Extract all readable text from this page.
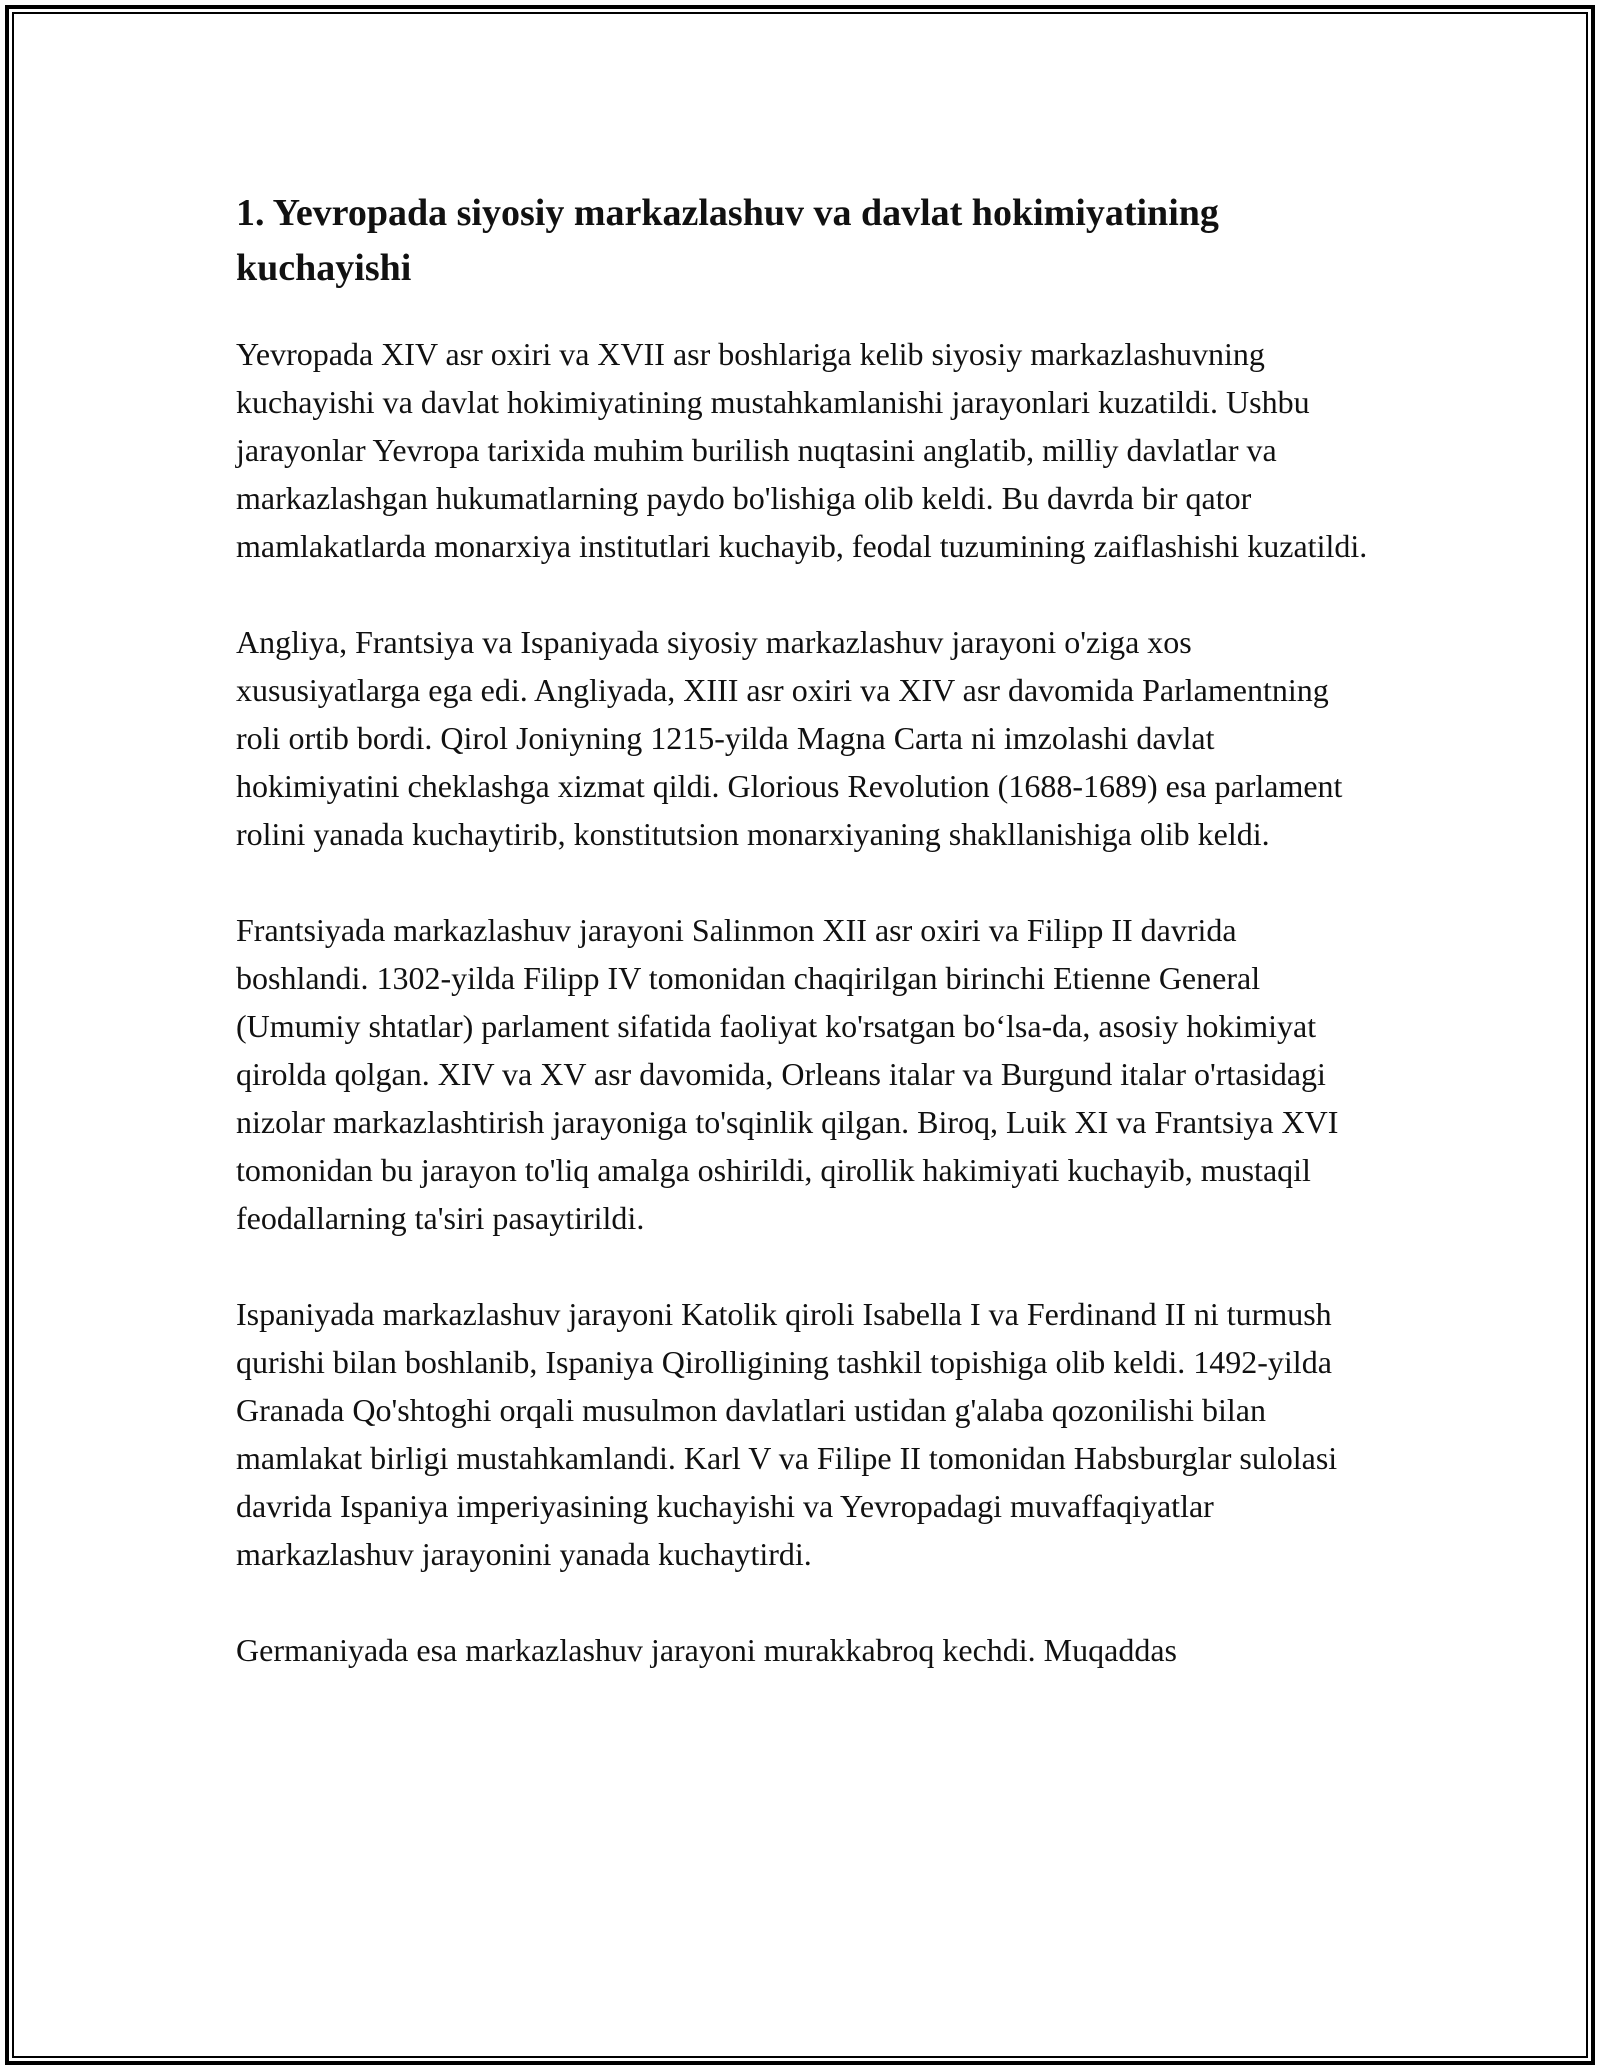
1. Yevropada siyosiy markazlashuv va davlat hokimiyatining kuchayishi

Yevropada XIV asr oxiri va XVII asr boshlariga kelib siyosiy markazlashuvning kuchayishi va davlat hokimiyatining mustahkamlanishi jarayonlari kuzatildi. Ushbu jarayonlar Yevropa tarixida muhim burilish nuqtasini anglatib, milliy davlatlar va markazlashgan hukumatlarning paydo bo'lishiga olib keldi. Bu davrda bir qator mamlakatlarda monarxiya institutlari kuchayib, feodal tuzumining zaiflashishi kuzatildi.

Angliya, Frantsiya va Ispaniyada siyosiy markazlashuv jarayoni o'ziga xos xususiyatlarga ega edi. Angliyada, XIII asr oxiri va XIV asr davomida Parlamentning roli ortib bordi. Qirol Joniyning 1215-yilda Magna Carta ni imzolashi davlat hokimiyatini cheklashga xizmat qildi. Glorious Revolution (1688-1689) esa parlament rolini yanada kuchaytirib, konstitutsion monarxiyaning shakllanishiga olib keldi.

Frantsiyada markazlashuv jarayoni Salinmon XII asr oxiri va Filipp II davrida boshlandi. 1302-yilda Filipp IV tomonidan chaqirilgan birinchi Etienne General (Umumiy shtatlar) parlament sifatida faoliyat ko'rsatgan bo‘lsa-da, asosiy hokimiyat qirolda qolgan. XIV va XV asr davomida, Orleans italar va Burgund italar o'rtasidagi nizolar markazlashtirish jarayoniga to'sqinlik qilgan. Biroq, Luik XI va Frantsiya XVI tomonidan bu jarayon to'liq amalga oshirildi, qirollik hakimiyati kuchayib, mustaqil feodallarning ta'siri pasaytirildi.

Ispaniyada markazlashuv jarayoni Katolik qiroli Isabella I va Ferdinand II ni turmush qurishi bilan boshlanib, Ispaniya Qirolligining tashkil topishiga olib keldi. 1492-yilda Granada Qo'shtoghi orqali musulmon davlatlari ustidan g'alaba qozonilishi bilan mamlakat birligi mustahkamlandi. Karl V va Filipe II tomonidan Habsburglar sulolasi davrida Ispaniya imperiyasining kuchayishi va Yevropadagi muvaffaqiyatlar markazlashuv jarayonini yanada kuchaytirdi.

Germaniyada esa markazlashuv jarayoni murakkabroq kechdi. Muqaddas
